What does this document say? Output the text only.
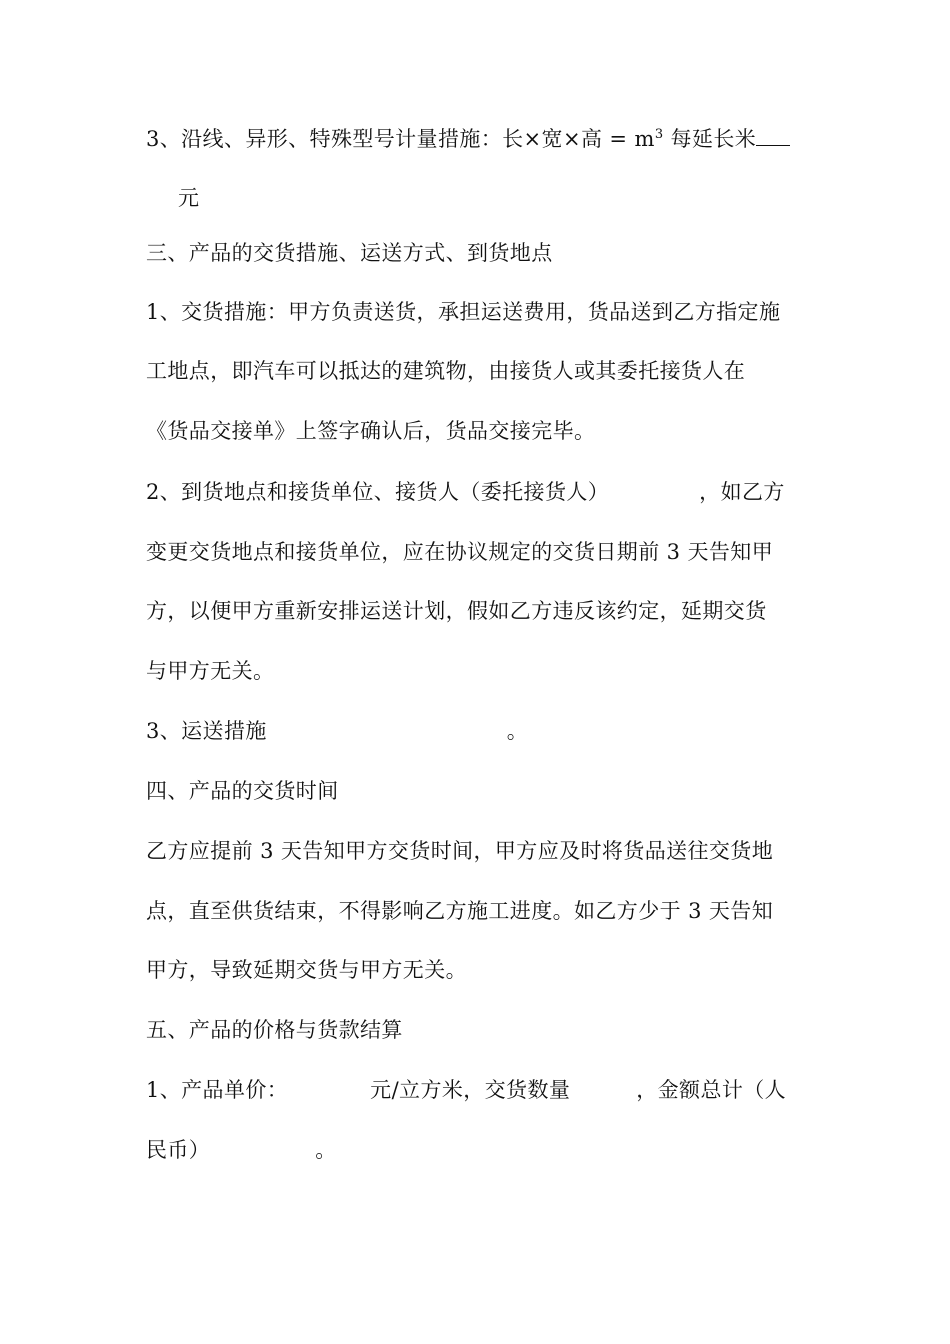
3、沿线、异形、特殊型号计量措施：长×宽×高 = $m^3$ 每延长米
元
三、产品的交货措施、运送方式、到货地点
1、交货措施：甲方负责送货，承担运送费用，货品送到乙方指定施
工地点，即汽车可以抵达的建筑物，由接货人或其委托接货人在
《货品交接单》上签字确认后，货品交接完毕。
2、到货地点和接货单位、接货人（委托接货人）	，如乙方
变更交货地点和接货单位，应在协议规定的交货日期前 3 天告知甲
方，以便甲方重新安排运送计划，假如乙方违反该约定，延期交货
与甲方无关。
3、运送措施	。
四、产品的交货时间
乙方应提前 3 天告知甲方交货时间，甲方应及时将货品送往交货地
点，直至供货结束，不得影响乙方施工进度。如乙方少于 3 天告知
甲方，导致延期交货与甲方无关。
五、产品的价格与货款结算
1、产品单价：	元/立方米，交货数量	，金额总计（人
民币）	。
